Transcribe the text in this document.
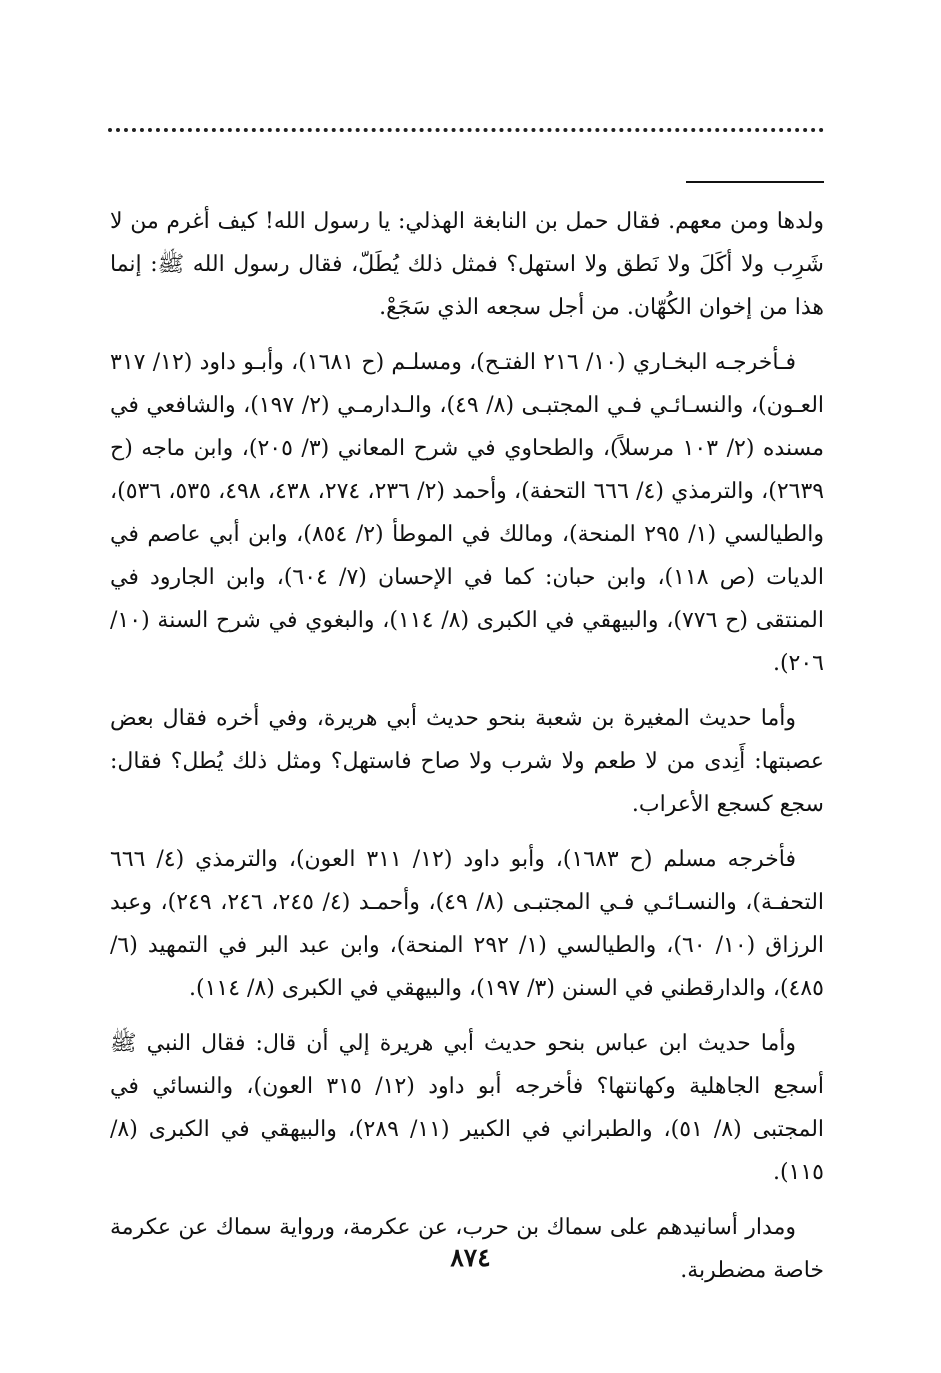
ولدها ومن معهم. فقال حمل بن النابغة الهذلي: يا رسول الله! كيف أغرم من لا شَرِب ولا أكَلَ ولا نَطق ولا استهل؟ فمثل ذلك يُطَلّ، فقال رسول الله ﷺ: إنما هذا من إخوان الكُهّان. من أجل سجعه الذي سَجَعْ.

فـأخرجـه البخـاري (١٠/ ٢١٦ الفتـح)، ومسلـم (ح ١٦٨١)، وأبـو داود (١٢/ ٣١٧ العـون)، والنسـائـي فـي المجتبـى (٨/ ٤٩)، والـدارمـي (٢/ ١٩٧)، والشافعي في مسنده (٢/ ١٠٣ مرسلاً)، والطحاوي في شرح المعاني (٣/ ٢٠٥)، وابن ماجه (ح ٢٦٣٩)، والترمذي (٤/ ٦٦٦ التحفة)، وأحمد (٢/ ٢٣٦، ٢٧٤، ٤٣٨، ٤٩٨، ٥٣٥، ٥٣٦)، والطيالسي (١/ ٢٩٥ المنحة)، ومالك في الموطأ (٢/ ٨٥٤)، وابن أبي عاصم في الديات (ص ١١٨)، وابن حبان: كما في الإحسان (٧/ ٦٠٤)، وابن الجارود في المنتقى (ح ٧٧٦)، والبيهقي في الكبرى (٨/ ١١٤)، والبغوي في شرح السنة (١٠/ ٢٠٦).

وأما حديث المغيرة بن شعبة بنحو حديث أبي هريرة، وفي أخره فقال بعض عصبتها: أَنِدى من لا طعم ولا شرب ولا صاح فاستهل؟ ومثل ذلك يُطل؟ فقال: سجع كسجع الأعراب.

فأخرجه مسلم (ح ١٦٨٣)، وأبو داود (١٢/ ٣١١ العون)، والترمذي (٤/ ٦٦٦ التحفـة)، والنسـائـي فـي المجتبـى (٨/ ٤٩)، وأحمـد (٤/ ٢٤٥، ٢٤٦، ٢٤٩)، وعبد الرزاق (١٠/ ٦٠)، والطيالسي (١/ ٢٩٢ المنحة)، وابن عبد البر في التمهيد (٦/ ٤٨٥)، والدارقطني في السنن (٣/ ١٩٧)، والبيهقي في الكبرى (٨/ ١١٤).

وأما حديث ابن عباس بنحو حديث أبي هريرة إلي أن قال: فقال النبي ﷺ أسجع الجاهلية وكهانتها؟ فأخرجه أبو داود (١٢/ ٣١٥ العون)، والنسائي في المجتبى (٨/ ٥١)، والطبراني في الكبير (١١/ ٢٨٩)، والبيهقي في الكبرى (٨/ ١١٥).

ومدار أسانيدهم على سماك بن حرب، عن عكرمة، ورواية سماك عن عكرمة خاصة مضطربة.

٨٧٤
